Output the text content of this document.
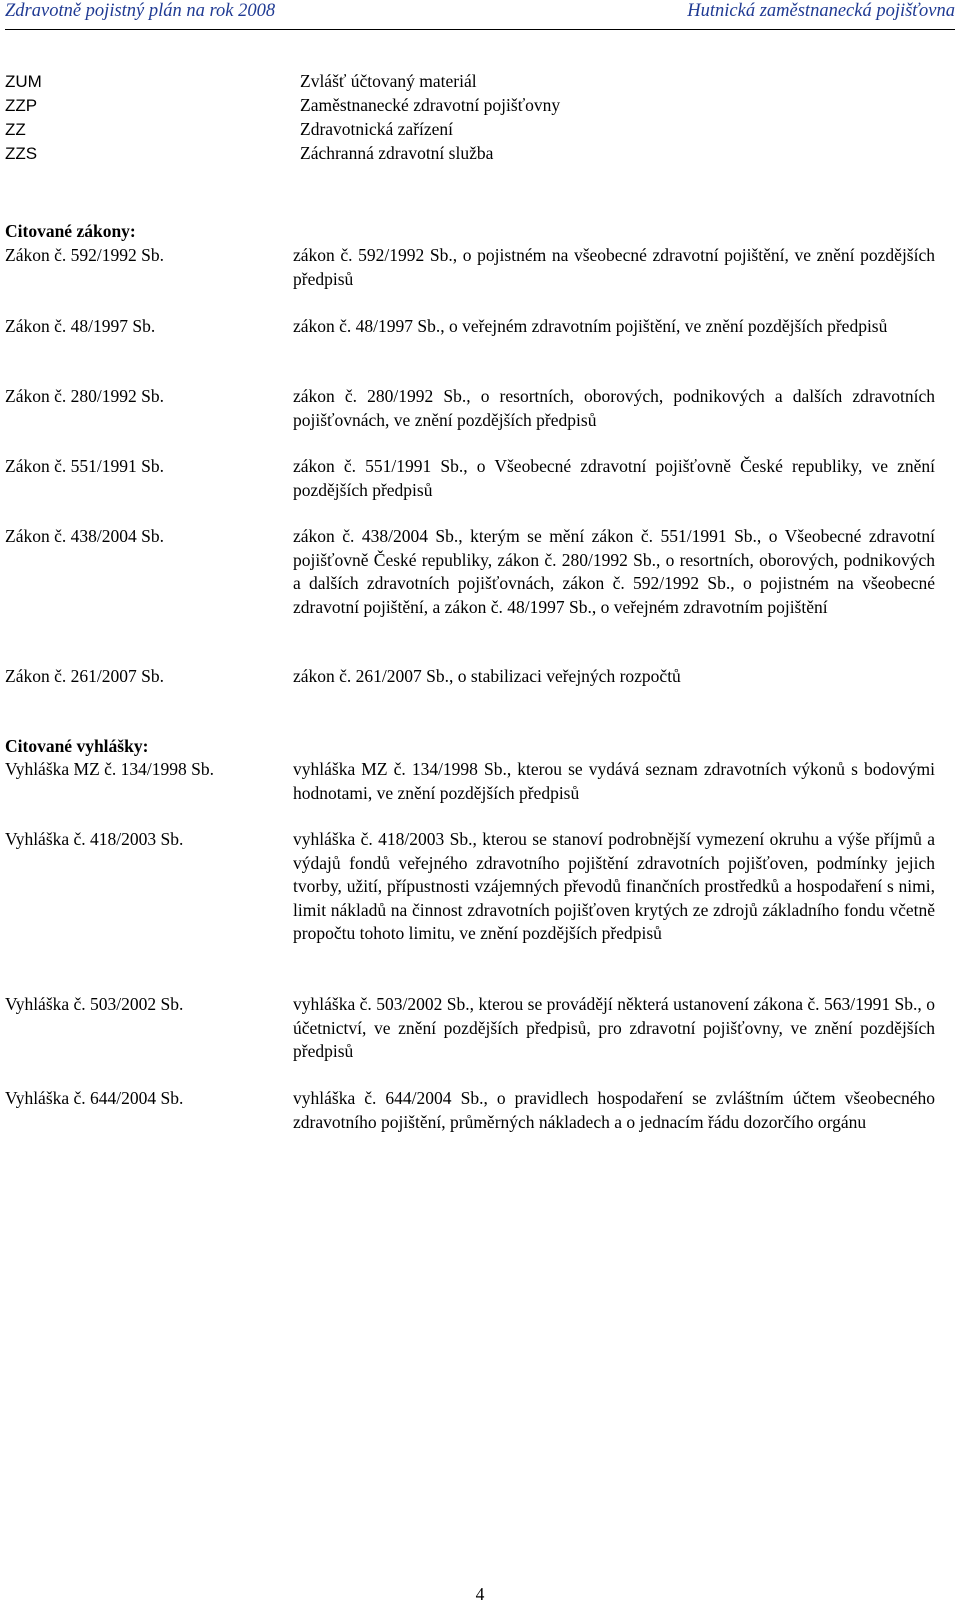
Zdravotně pojistný plán na rok 2008	Hutnická zaměstnanecká pojišťovna
ZUM	Zvlášť účtovaný materiál
ZZP	Zaměstnanecké zdravotní pojišťovny
ZZ	Zdravotnická zařízení
ZZS	Záchranná zdravotní služba
Citované zákony:
Zákon č. 592/1992 Sb.	zákon č. 592/1992 Sb., o pojistném na všeobecné zdravotní pojištění, ve znění pozdějších předpisů
Zákon č. 48/1997 Sb.	zákon č. 48/1997 Sb., o veřejném zdravotním pojištění, ve znění pozdějších předpisů
Zákon č. 280/1992 Sb.	zákon č. 280/1992 Sb., o resortních, oborových, podnikových a dalších zdravotních pojišťovnách, ve znění pozdějších předpisů
Zákon č. 551/1991 Sb.	zákon č. 551/1991 Sb., o Všeobecné zdravotní pojišťovně České republiky, ve znění pozdějších předpisů
Zákon č. 438/2004 Sb.	zákon č. 438/2004 Sb., kterým se mění zákon č. 551/1991 Sb., o Všeobecné zdravotní pojišťovně České republiky, zákon č. 280/1992 Sb., o resortních, oborových, podnikových a dalších zdravotních pojišťovnách, zákon č. 592/1992 Sb., o pojistném na všeobecné zdravotní pojištění, a zákon č. 48/1997 Sb., o veřejném zdravotním pojištění
Zákon č. 261/2007 Sb.	zákon č. 261/2007 Sb., o stabilizaci veřejných rozpočtů
Citované vyhlášky:
Vyhláška MZ č. 134/1998 Sb.	vyhláška MZ č. 134/1998 Sb., kterou se vydává seznam zdravotních výkonů s bodovými hodnotami, ve znění pozdějších předpisů
Vyhláška č. 418/2003 Sb.	vyhláška č. 418/2003 Sb., kterou se stanoví podrobnější vymezení okruhu a výše příjmů a výdajů fondů veřejného zdravotního pojištění zdravotních pojišťoven, podmínky jejich tvorby, užití, přípustnosti vzájemných převodů finančních prostředků a hospodaření s nimi, limit nákladů na činnost zdravotních pojišťoven krytých ze zdrojů základního fondu včetně propočtu tohoto limitu, ve znění pozdějších předpisů
Vyhláška č. 503/2002 Sb.	vyhláška č. 503/2002 Sb., kterou se provádějí některá ustanovení zákona č. 563/1991 Sb., o účetnictví, ve znění pozdějších předpisů, pro zdravotní pojišťovny, ve znění pozdějších předpisů
Vyhláška č. 644/2004 Sb.	vyhláška č. 644/2004 Sb., o pravidlech hospodaření se zvláštním účtem všeobecného zdravotního pojištění, průměrných nákladech a o jednacím řádu dozorčího orgánu
4
